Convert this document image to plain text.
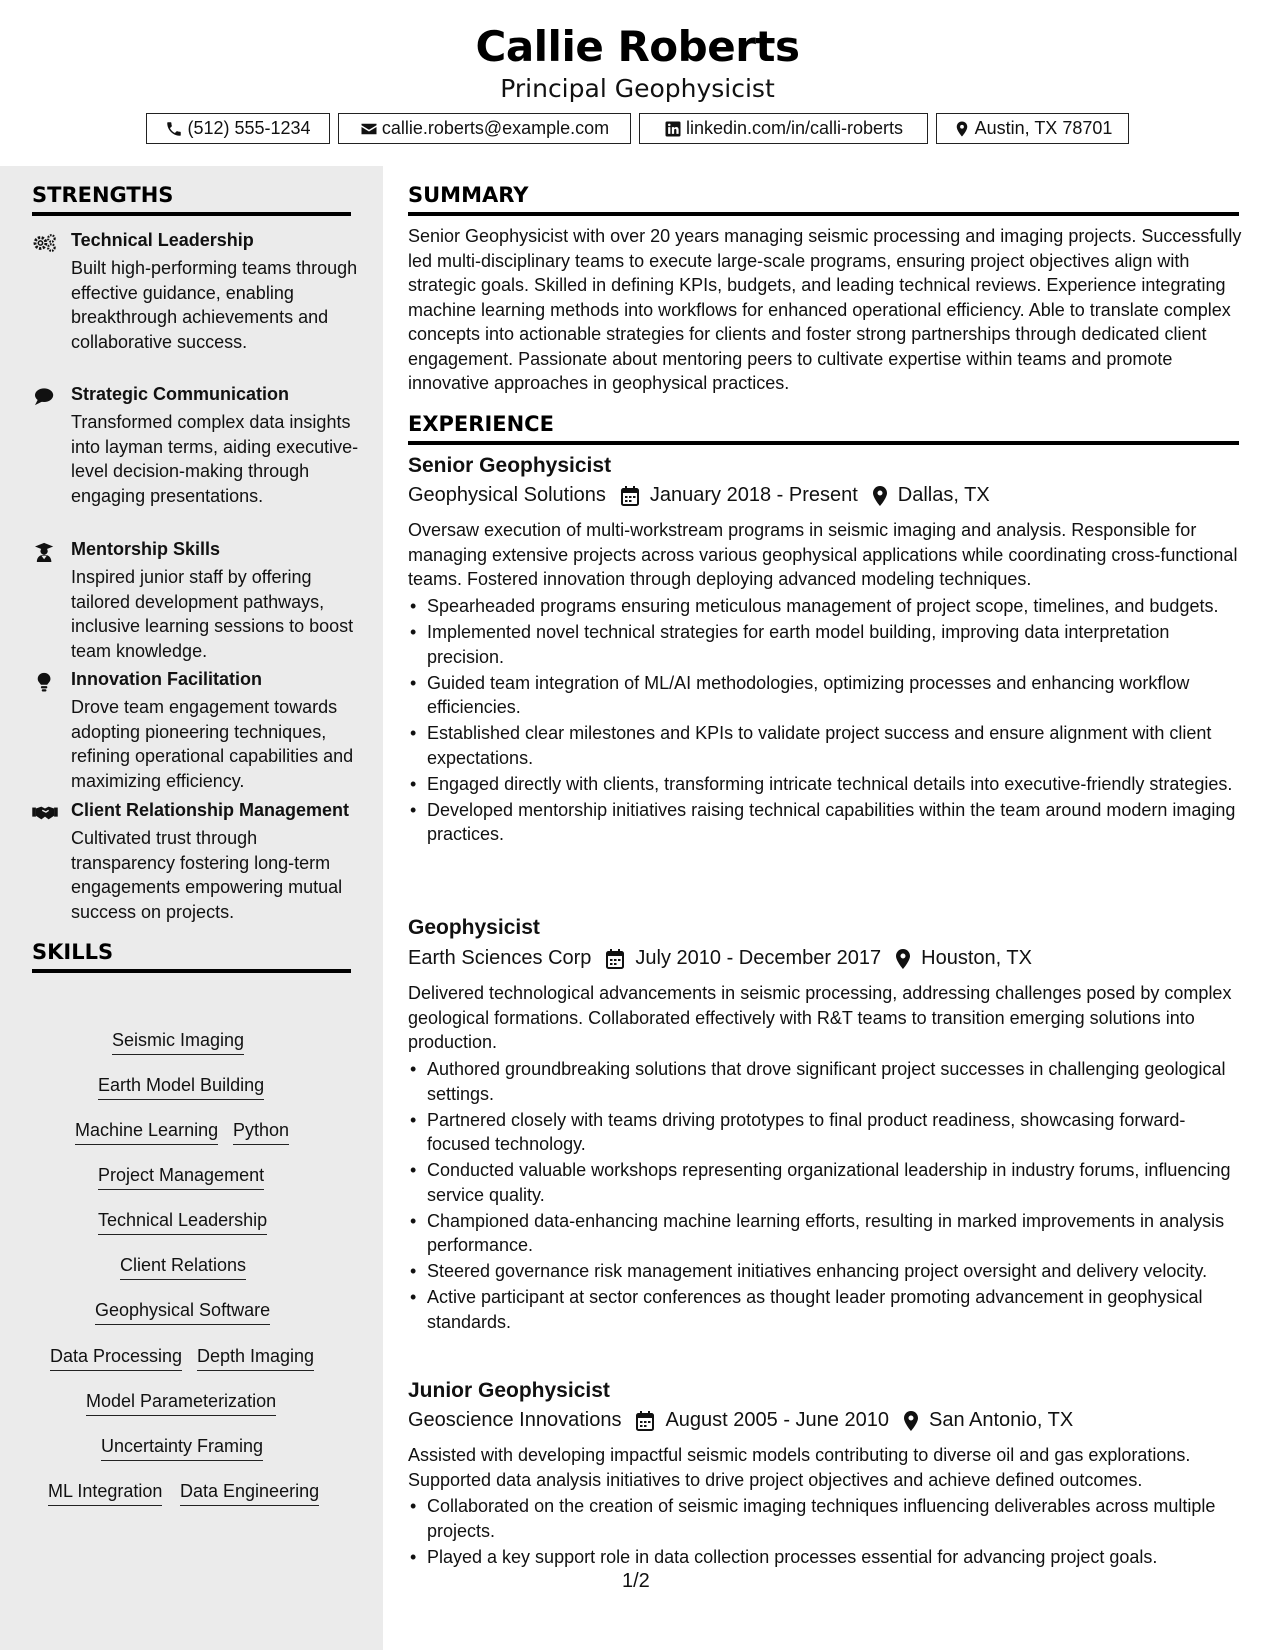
Callie Roberts
Principal Geophysicist
(512) 555-1234	callie.roberts@example.com	linkedin.com/in/calli-roberts	Austin, TX 78701
STRENGTHS
Technical Leadership
Built high-performing teams through effective guidance, enabling breakthrough achievements and collaborative success.
Strategic Communication
Transformed complex data insights into layman terms, aiding executive-level decision-making through engaging presentations.
Mentorship Skills
Inspired junior staff by offering tailored development pathways, inclusive learning sessions to boost team knowledge.
Innovation Facilitation
Drove team engagement towards adopting pioneering techniques, refining operational capabilities and maximizing efficiency.
Client Relationship Management
Cultivated trust through transparency fostering long-term engagements empowering mutual success on projects.
SKILLS
Seismic Imaging
Earth Model Building
Machine Learning Python
Project Management
Technical Leadership
Client Relations
Geophysical Software
Data Processing Depth Imaging
Model Parameterization
Uncertainty Framing
ML Integration Data Engineering
SUMMARY
Senior Geophysicist with over 20 years managing seismic processing and imaging projects. Successfully led multi-disciplinary teams to execute large-scale programs, ensuring project objectives align with strategic goals. Skilled in defining KPIs, budgets, and leading technical reviews. Experience integrating machine learning methods into workflows for enhanced operational efficiency. Able to translate complex concepts into actionable strategies for clients and foster strong partnerships through dedicated client engagement. Passionate about mentoring peers to cultivate expertise within teams and promote innovative approaches in geophysical practices.
EXPERIENCE
Senior Geophysicist
Geophysical Solutions January 2018 - Present Dallas, TX
Oversaw execution of multi-workstream programs in seismic imaging and analysis. Responsible for managing extensive projects across various geophysical applications while coordinating cross-functional teams. Fostered innovation through deploying advanced modeling techniques.
• Spearheaded programs ensuring meticulous management of project scope, timelines, and budgets.
• Implemented novel technical strategies for earth model building, improving data interpretation precision.
• Guided team integration of ML/AI methodologies, optimizing processes and enhancing workflow efficiencies.
• Established clear milestones and KPIs to validate project success and ensure alignment with client expectations.
• Engaged directly with clients, transforming intricate technical details into executive-friendly strategies.
• Developed mentorship initiatives raising technical capabilities within the team around modern imaging practices.
Geophysicist
Earth Sciences Corp July 2010 - December 2017 Houston, TX
Delivered technological advancements in seismic processing, addressing challenges posed by complex geological formations. Collaborated effectively with R&T teams to transition emerging solutions into production.
• Authored groundbreaking solutions that drove significant project successes in challenging geological settings.
• Partnered closely with teams driving prototypes to final product readiness, showcasing forward-focused technology.
• Conducted valuable workshops representing organizational leadership in industry forums, influencing service quality.
• Championed data-enhancing machine learning efforts, resulting in marked improvements in analysis performance.
• Steered governance risk management initiatives enhancing project oversight and delivery velocity.
• Active participant at sector conferences as thought leader promoting advancement in geophysical standards.
Junior Geophysicist
Geoscience Innovations August 2005 - June 2010 San Antonio, TX
Assisted with developing impactful seismic models contributing to diverse oil and gas explorations. Supported data analysis initiatives to drive project objectives and achieve defined outcomes.
• Collaborated on the creation of seismic imaging techniques influencing deliverables across multiple projects.
• Played a key support role in data collection processes essential for advancing project goals.
1/2
